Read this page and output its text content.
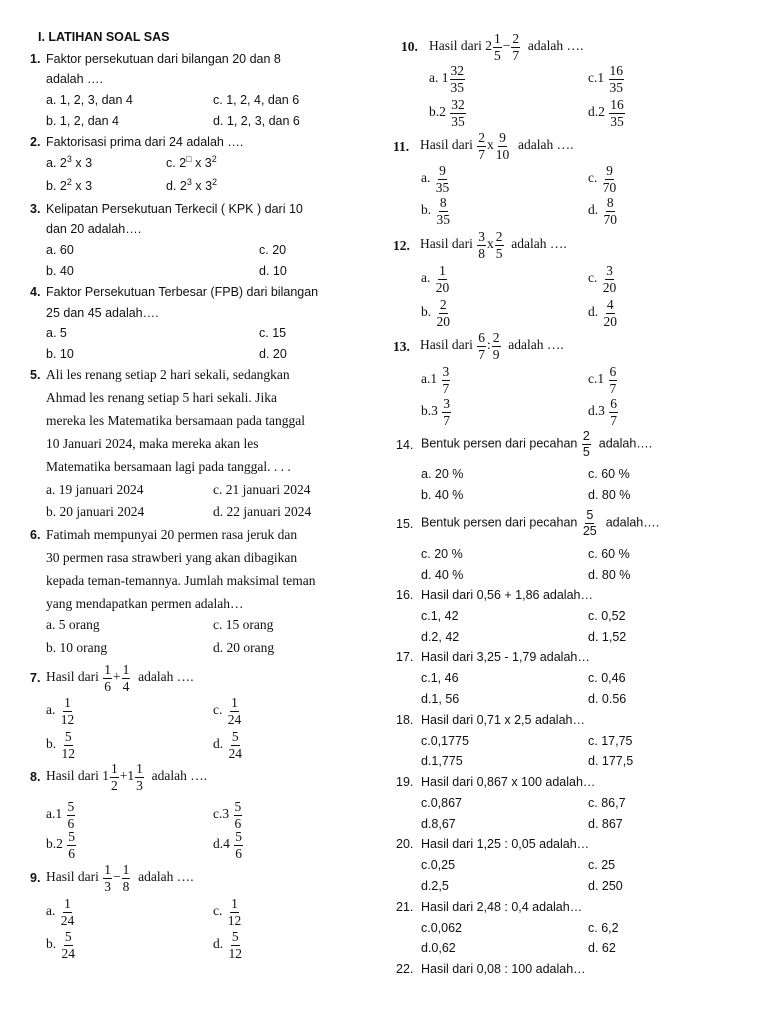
I. LATIHAN SOAL SAS
1. Faktor persekutuan dari bilangan 20 dan 8
adalah ….
a. 1, 2, 3, dan 4	c. 1, 2, 4, dan 6
b. 1, 2, dan 4	d. 1, 2, 3, dan 6
2. Faktorisasi prima dari 24 adalah ….
a. $2^3$ x 3	c. 2□ x $3^2$
b. $2^2$ x 3	d. $2^3$ x $3^2$
3. Kelipatan Persekutuan Terkecil ( KPK ) dari 10
dan 20 adalah….
a. 60	c. 20
b. 40	d. 10
4. Faktor Persekutuan Terbesar (FPB) dari bilangan
25 dan 45 adalah….
a. 5	c. 15
b. 10	d. 20
5. Ali les renang setiap 2 hari sekali, sedangkan
Ahmad les renang setiap 5 hari sekali. Jika
mereka les Matematika bersamaan pada tanggal
10 Januari 2024, maka mereka akan les
Matematika bersamaan lagi pada tanggal. . . .
a. 19 januari 2024	c. 21 januari 2024
b. 20 januari 2024	d. 22 januari 2024
6. Fatimah mempunyai 20 permen rasa jeruk dan
30 permen rasa strawberi yang akan dibagikan
kepada teman-temannya. Jumlah maksimal teman
yang mendapatkan permen adalah…
a. 5 orang	c. 15 orang
b. 10 orang	d. 20 orang
7. Hasil dari $\frac{1}{6} + \frac{1}{4}$ adalah ….
a. $\frac{1}{12}$	c. $\frac{1}{24}$
b. $\frac{5}{12}$	d. $\frac{5}{24}$
8. Hasil dari $1 \frac{1}{2} +1 \frac{1}{3}$ adalah ….
$a.1 \frac{5}{6}$	$c.3 \frac{5}{6}$
$b.2 \frac{5}{6}$	$d.4 \frac{5}{6}$
9. Hasil dari $\frac{1}{3} - \frac{1}{8}$ adalah ….
a. $\frac{1}{24}$	c. $\frac{1}{12}$
b. $\frac{5}{24}$	d. $\frac{5}{12}$
10. Hasil dari $2 \frac{1}{5} - \frac{2}{7}$ adalah ….
a. $1 \frac{32}{35}$	$c.1 \frac{16}{35}$
$b.2 \frac{32}{35}$	$d.2 \frac{16}{35}$
11. Hasil dari $\frac{2}{7}$ x $\frac{9}{10}$ adalah ….
a. $\frac{9}{35}$	c. $\frac{9}{70}$
b. $\frac{8}{35}$	d. $\frac{8}{70}$
12. Hasil dari $\frac{3}{8}$ x $\frac{2}{5}$ adalah ….
a. $\frac{1}{20}$	c. $\frac{3}{20}$
b. $\frac{2}{20}$	d. $\frac{4}{20}$
13. Hasil dari $\frac{6}{7}$ : $\frac{2}{9}$ adalah ….
$a.1 \frac{3}{7}$	$c.1 \frac{6}{7}$
$b.3 \frac{3}{7}$	$d.3 \frac{6}{7}$
14. Bentuk persen dari pecahan $\frac{2}{5}$ adalah….
a. 20 %	c. 60 %
b. 40 %	d. 80 %
15. Bentuk persen dari pecahan $\frac{5}{25}$ adalah….
c. 20 %	c. 60 %
d. 40 %	d. 80 %
16. Hasil dari 0,56 + 1,86 adalah…
c.1, 42	c. 0,52
d.2, 42	d. 1,52
17. Hasil dari 3,25 - 1,79 adalah…
c.1, 46	c. 0,46
d.1, 56	d. 0.56
18. Hasil dari 0,71 x 2,5 adalah…
c.0,1775	c. 17,75
d.1,775	d. 177,5
19. Hasil dari 0,867 x 100 adalah…
c.0,867	c. 86,7
d.8,67	d. 867
20. Hasil dari 1,25 : 0,05 adalah…
c.0,25	c. 25
d.2,5	d. 250
21. Hasil dari 2,48 : 0,4 adalah…
c.0,062	c. 6,2
d.0,62	d. 62
22. Hasil dari 0,08 : 100 adalah…
